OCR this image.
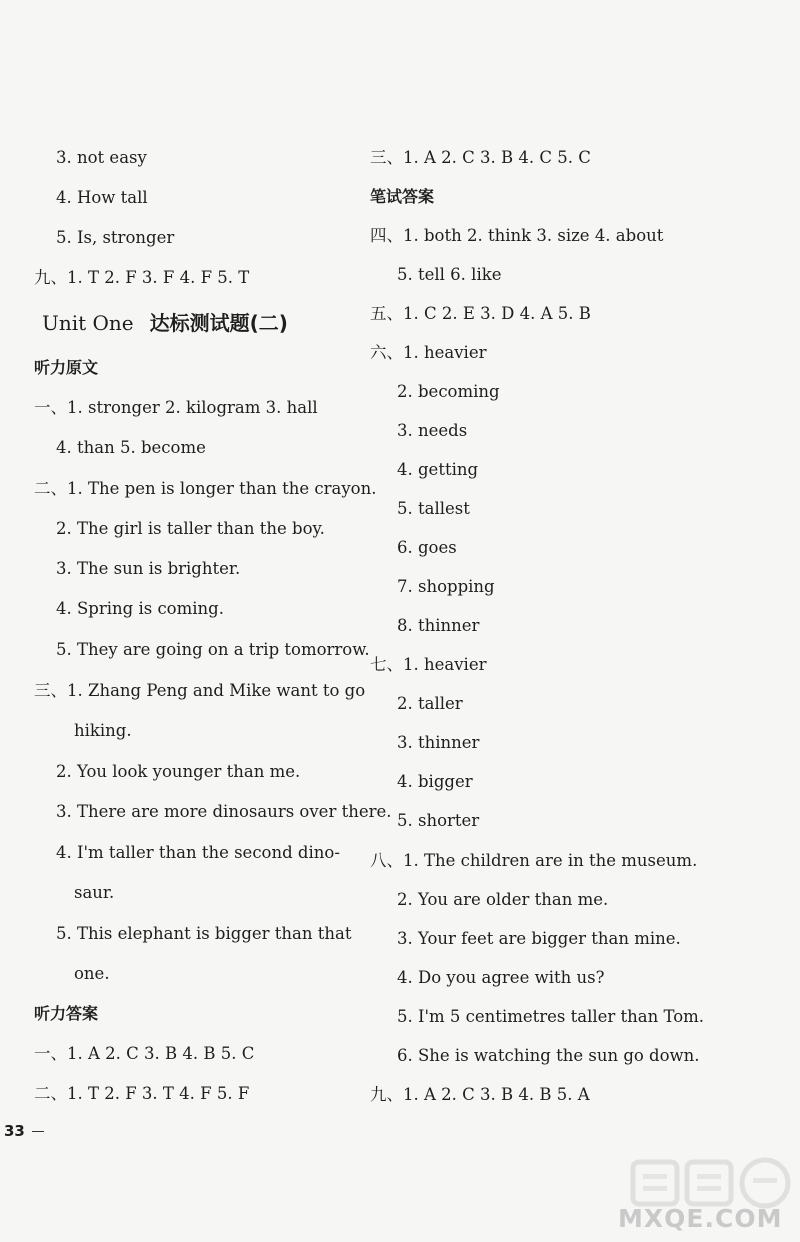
3. not easy
4. How tall
5. Is, stronger
九、1. T 2. F 3. F 4. F 5. T
Unit One 达标测试题(二)
听力原文
一、1. stronger 2. kilogram 3. hall
4. than 5. become
二、1. The pen is longer than the crayon.
2. The girl is taller than the boy.
3. The sun is brighter.
4. Spring is coming.
5. They are going on a trip tomorrow.
三、1. Zhang Peng and Mike want to go
hiking.
2. You look younger than me.
3. There are more dinosaurs over there.
4. I'm taller than the second dino-
saur.
5. This elephant is bigger than that
one.
听力答案
一、1. A 2. C 3. B 4. B 5. C
二、1. T 2. F 3. T 4. F 5. F
三、1. A 2. C 3. B 4. C 5. C
笔试答案
四、1. both 2. think 3. size 4. about
5. tell 6. like
五、1. C 2. E 3. D 4. A 5. B
六、1. heavier
2. becoming
3. needs
4. getting
5. tallest
6. goes
7. shopping
8. thinner
七、1. heavier
2. taller
3. thinner
4. bigger
5. shorter
八、1. The children are in the museum.
2. You are older than me.
3. Your feet are bigger than mine.
4. Do you agree with us?
5. I'm 5 centimetres taller than Tom.
6. She is watching the sun go down.
九、1. A 2. C 3. B 4. B 5. A
33
MXQE.COM
